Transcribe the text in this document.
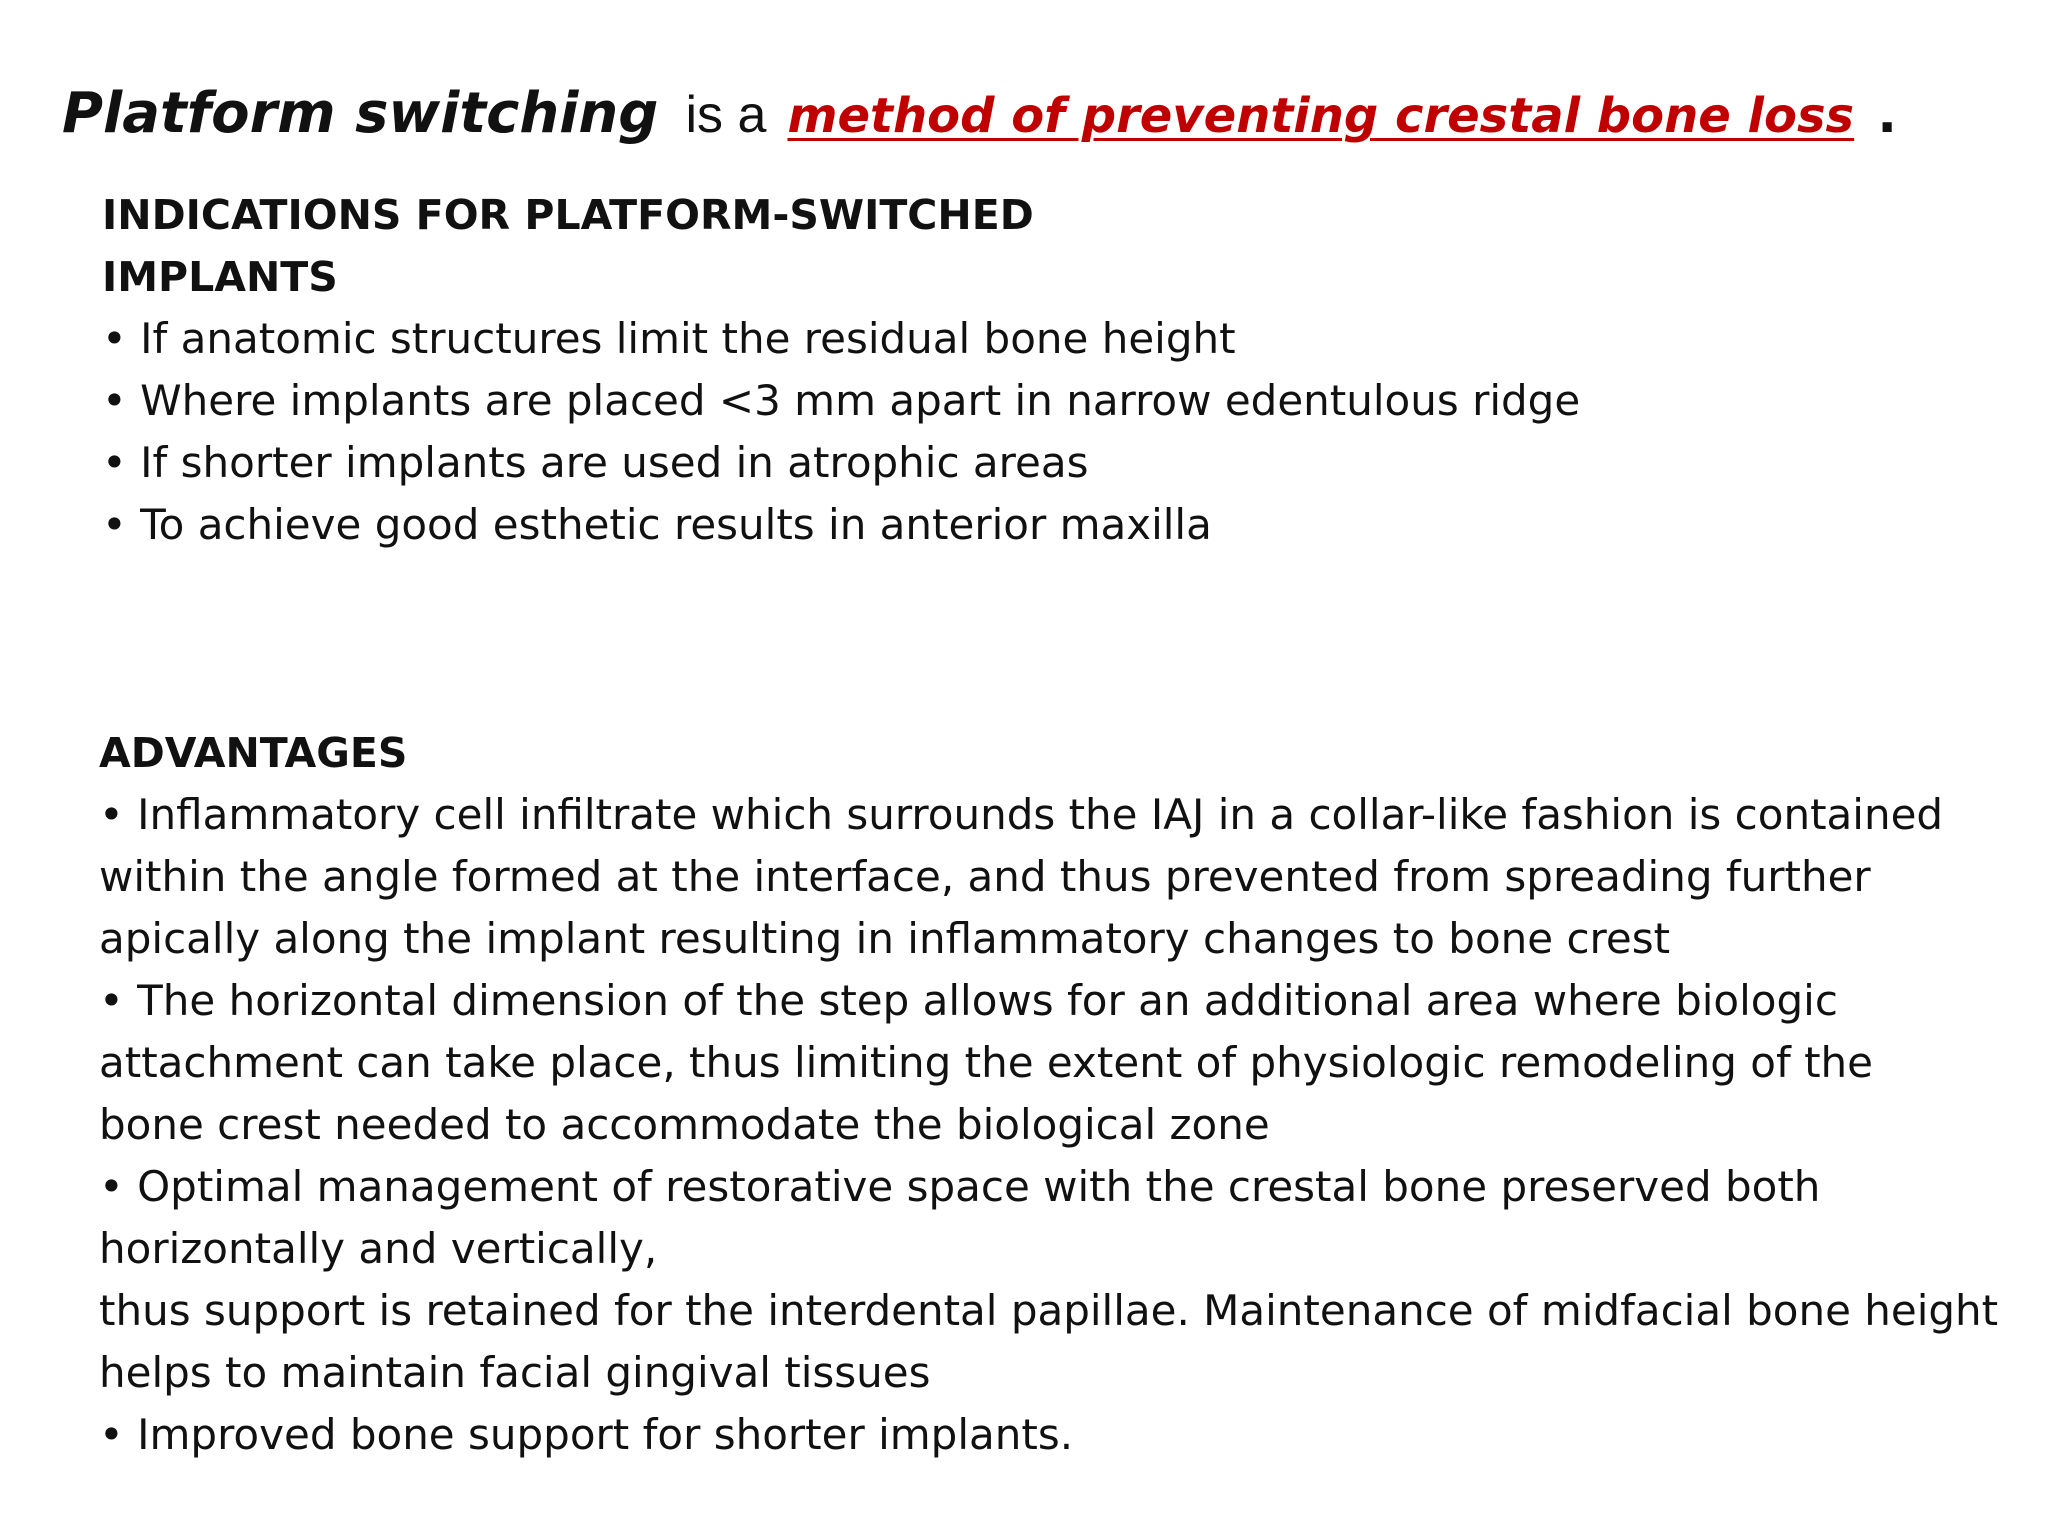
Platform switching is a method of preventing crestal bone loss .
INDICATIONS FOR PLATFORM-SWITCHED
IMPLANTS
• If anatomic structures limit the residual bone height
• Where implants are placed <3 mm apart in narrow edentulous ridge
• If shorter implants are used in atrophic areas
• To achieve good esthetic results in anterior maxilla
ADVANTAGES
• Inflammatory cell infiltrate which surrounds the IAJ in a collar-like fashion is contained
within the angle formed at the interface, and thus prevented from spreading further
apically along the implant resulting in inflammatory changes to bone crest
• The horizontal dimension of the step allows for an additional area where biologic
attachment can take place, thus limiting the extent of physiologic remodeling of the
bone crest needed to accommodate the biological zone
• Optimal management of restorative space with the crestal bone preserved both
horizontally and vertically,
thus support is retained for the interdental papillae. Maintenance of midfacial bone height
helps to maintain facial gingival tissues
• Improved bone support for shorter implants.
